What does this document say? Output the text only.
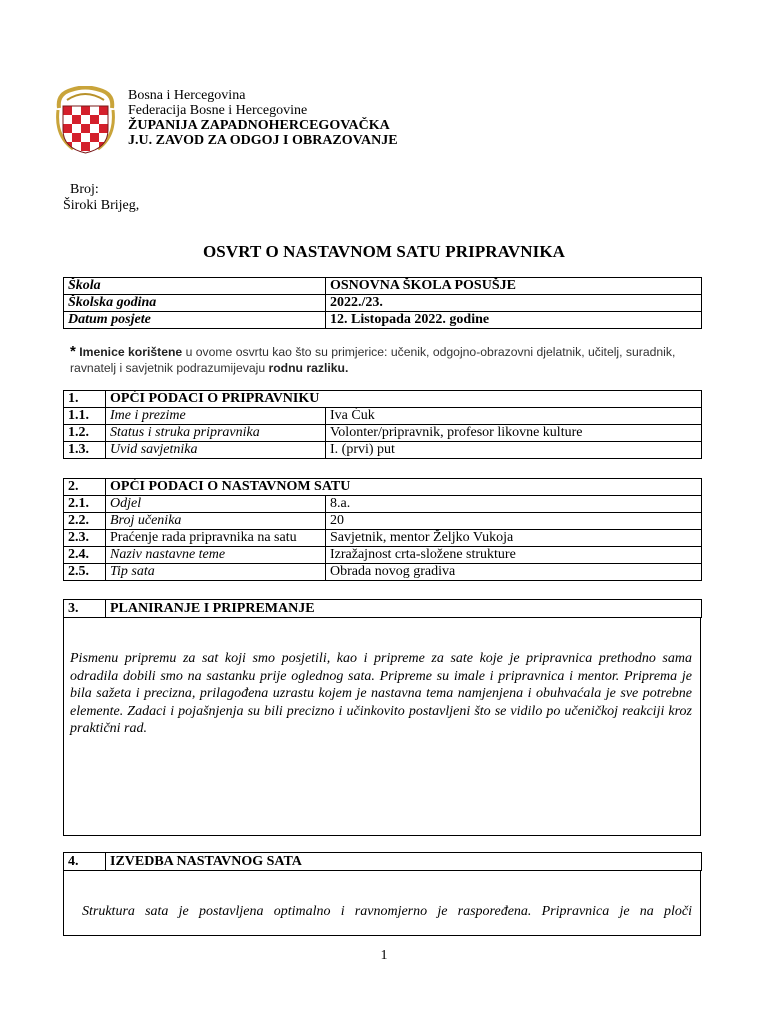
Bosna i Hercegovina
Federacija Bosne i Hercegovine
ŽUPANIJA ZAPADNOHERCEGOVAČKA
J.U. ZAVOD ZA ODGOJ I OBRAZOVANJE
Broj:
Široki Brijeg,
OSVRT O NASTAVNOM SATU PRIPRAVNIKA
Škola	OSNOVNA ŠKOLA POSUŠJE
Školska godina	2022./23.
Datum posjete	12. Listopada 2022. godine
* Imenice korištene u ovome osvrtu kao što su primjerice: učenik, odgojno-obrazovni djelatnik, učitelj, suradnik, ravnatelj i savjetnik podrazumijevaju rodnu razliku.
1.	OPĆI PODACI O PRIPRAVNIKU	
1.1.	Ime i prezime	Iva Ćuk
1.2.	Status i struka pripravnika	Volonter/pripravnik, profesor likovne kulture
1.3.	Uvid savjetnika	I. (prvi) put
2.	OPĆI PODACI O NASTAVNOM SATU	
2.1.	Odjel	8.a.
2.2.	Broj učenika	20
2.3.	Praćenje rada pripravnika na satu	Savjetnik, mentor Željko Vukoja
2.4.	Naziv nastavne teme	Izražajnost crta-složene strukture
2.5.	Tip sata	Obrada novog gradiva
3.	PLANIRANJE I PRIPREMANJE

Pismenu pripremu za sat koji smo posjetili, kao i pripreme za sate koje je pripravnica prethodno sama odradila dobili smo na sastanku prije oglednog sata. Pripreme su imale i pripravnica i mentor. Priprema je bila sažeta i precizna, prilagođena uzrastu kojem je nastavna tema namjenjena i obuhvaćala je sve potrebne elemente. Zadaci i pojašnjenja su bili precizno i učinkovito postavljeni što se vidilo po učeničkoj reakciji kroz praktični rad.

4.	IZVEDBA NASTAVNOG SATA

Struktura sata je postavljena optimalno i ravnomjerno je raspoređena. Pripravnica je na ploči

1
